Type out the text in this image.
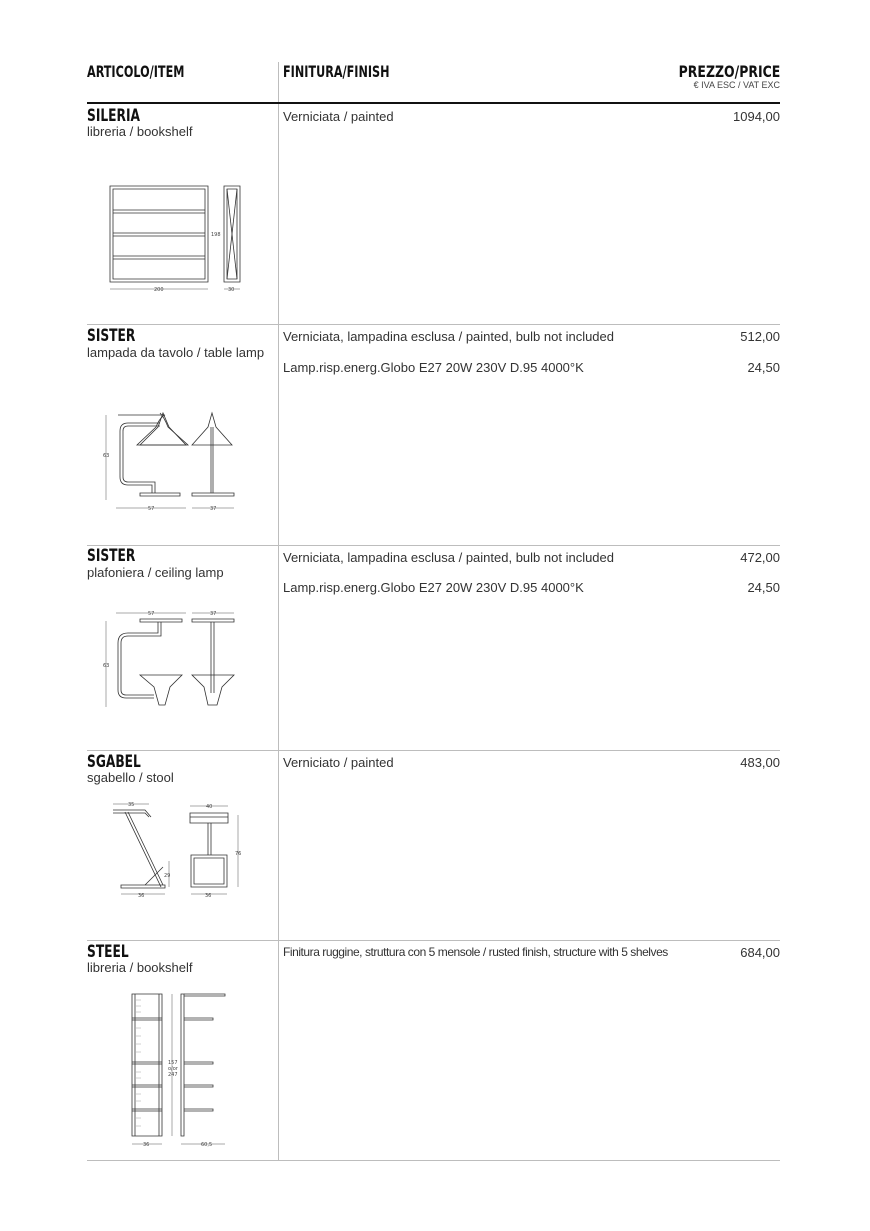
ARTICOLO/ITEM	FINITURA/FINISH	PREZZO/PRICE
€ IVA ESC / VAT EXC
SILERIA
libreria / bookshelf
Verniciata / painted	1094,00
198
200	30
SISTER
lampada da tavolo / table lamp
Verniciata, lampadina esclusa / painted, bulb not included	512,00
Lamp.risp.energ.Globo E27 20W 230V D.95 4000°K	24,50
63
57	37
SISTER
plafoniera / ceiling lamp
Verniciata, lampadina esclusa / painted, bulb not included	472,00
Lamp.risp.energ.Globo E27 20W 230V D.95 4000°K	24,50
57	37
63
SGABEL
sgabello / stool
Verniciato / painted	483,00
35	40
76
29
36	36
STEEL
libreria / bookshelf
Finitura ruggine, struttura con 5 mensole / rusted finish, structure with 5 shelves	684,00
157
o/or
247
36	60,5
